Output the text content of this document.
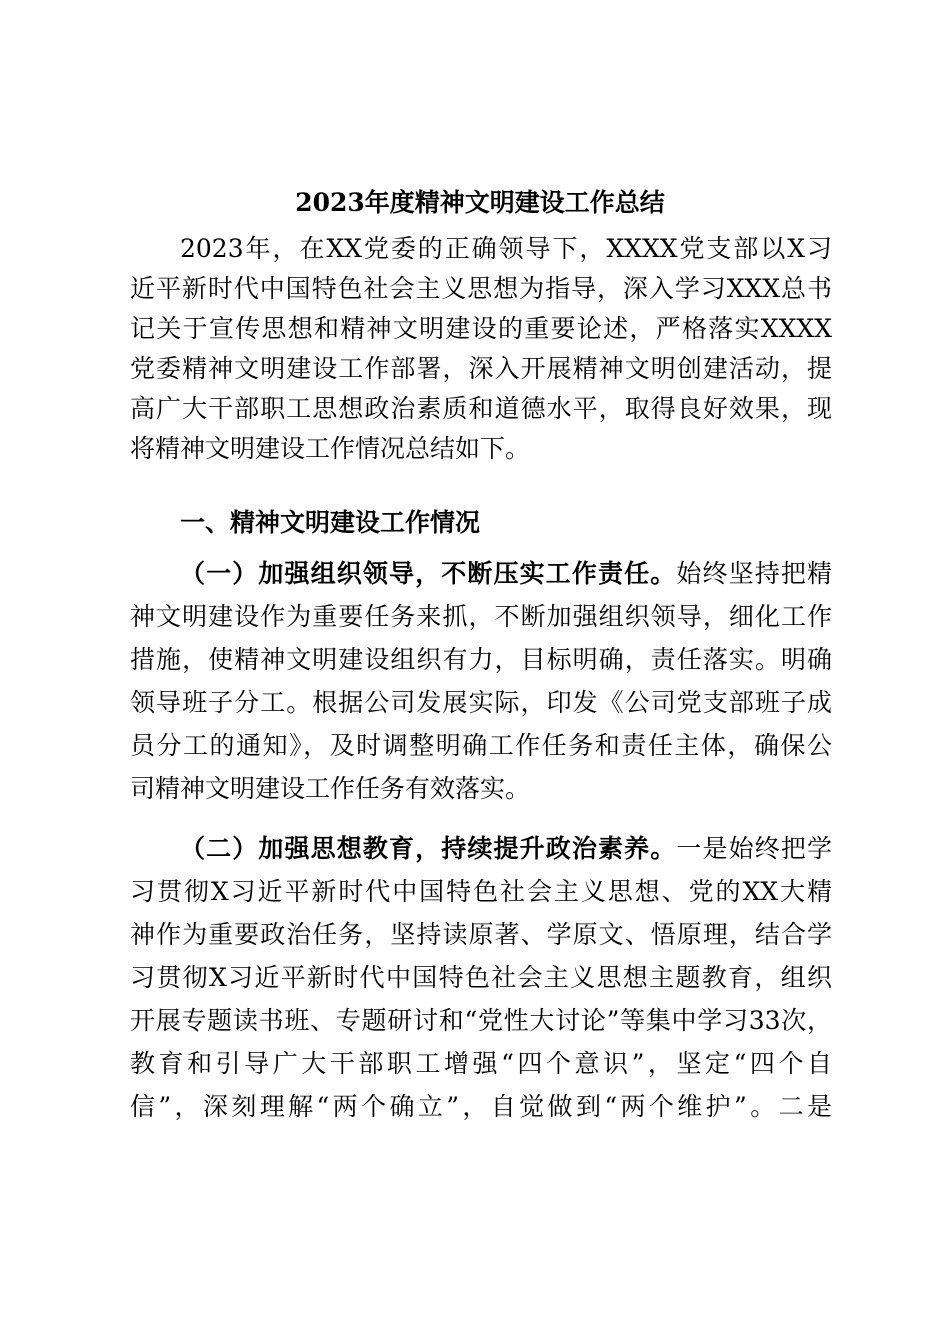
2023年度精神文明建设工作总结
2023年，在XX党委的正确领导下，XXXX党支部以X习
近平新时代中国特色社会主义思想为指导，深入学习XXX总书
记关于宣传思想和精神文明建设的重要论述，严格落实XXXX
党委精神文明建设工作部署，深入开展精神文明创建活动，提
高广大干部职工思想政治素质和道德水平，取得良好效果，现
将精神文明建设工作情况总结如下。
一、精神文明建设工作情况
（一）加强组织领导，不断压实工作责任。始终坚持把精
神文明建设作为重要任务来抓，不断加强组织领导，细化工作
措施，使精神文明建设组织有力，目标明确，责任落实。明确
领导班子分工。根据公司发展实际，印发《公司党支部班子成
员分工的通知》，及时调整明确工作任务和责任主体，确保公
司精神文明建设工作任务有效落实。
（二）加强思想教育，持续提升政治素养。一是始终把学
习贯彻X习近平新时代中国特色社会主义思想、党的XX大精
神作为重要政治任务，坚持读原著、学原文、悟原理，结合学
习贯彻X习近平新时代中国特色社会主义思想主题教育，组织
开展专题读书班、专题研讨和“党性大讨论”等集中学习33次，
教育和引导广大干部职工增强“四个意识”，坚定“四个自
信”，深刻理解“两个确立”，自觉做到“两个维护”。二是
